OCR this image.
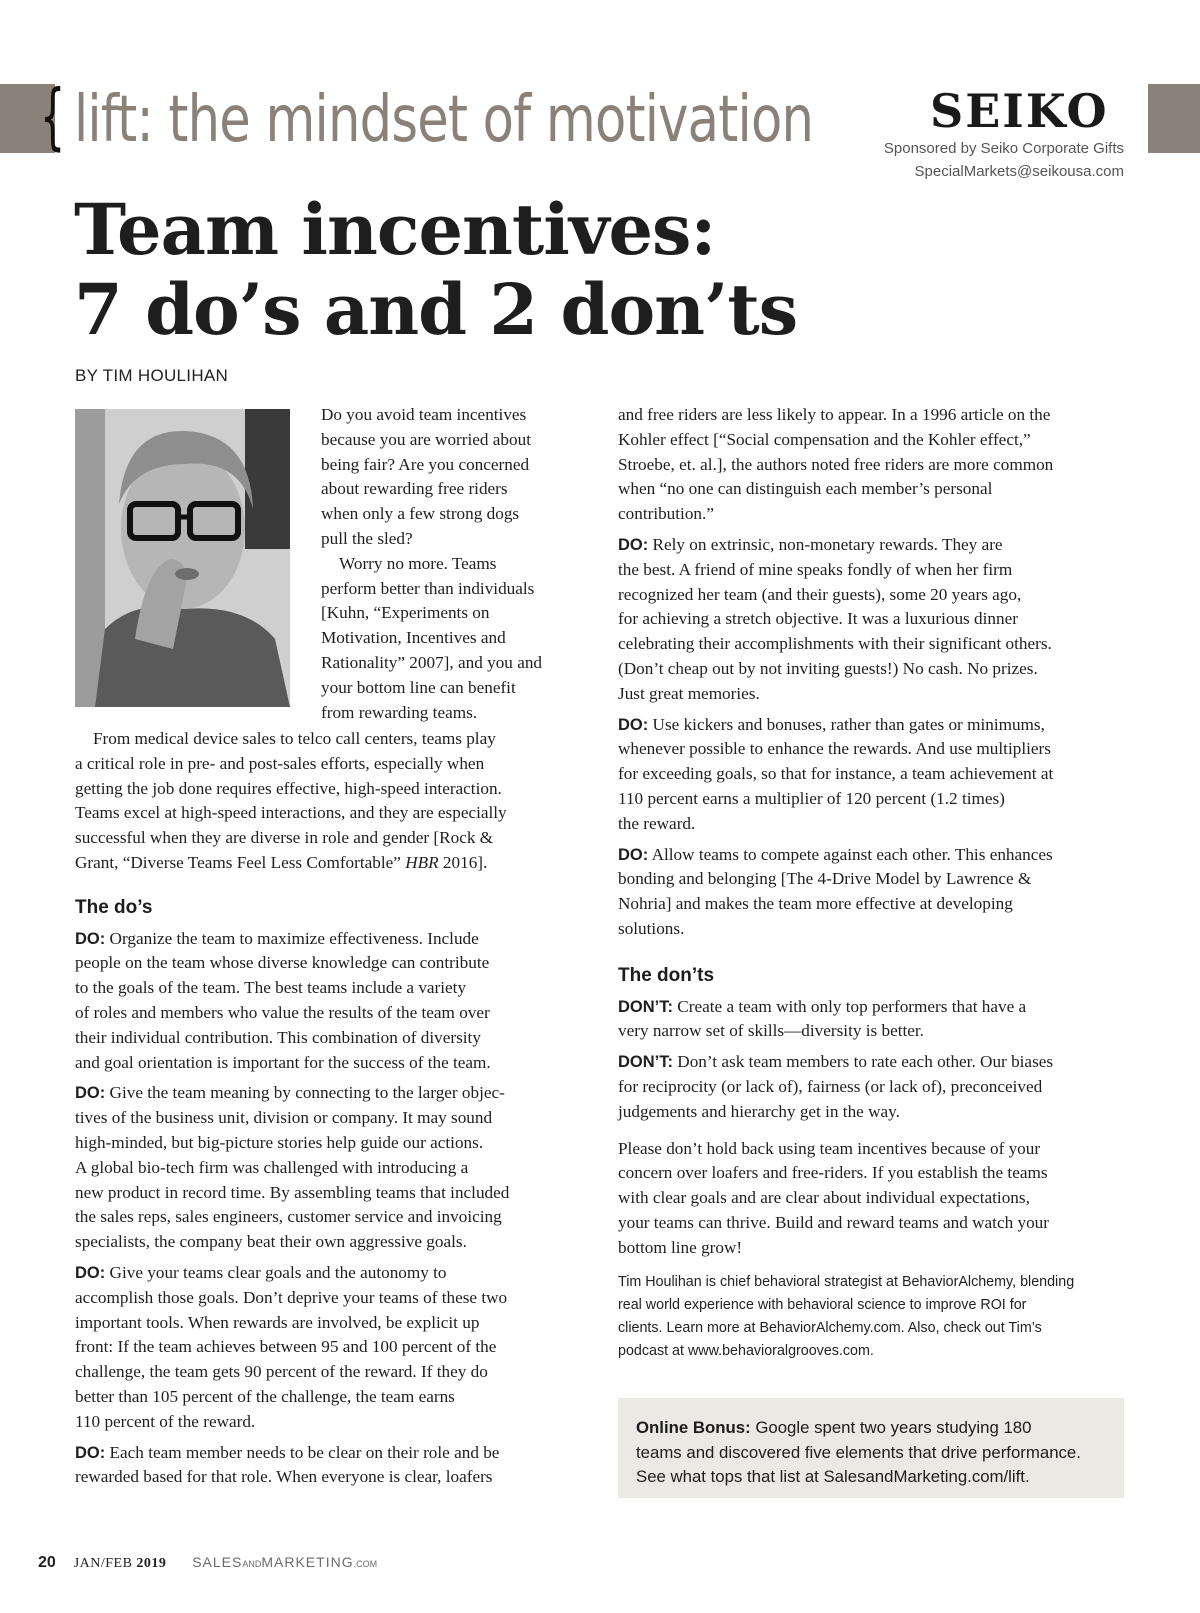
{ lift: the mindset of motivation	SEIKO
Sponsored by Seiko Corporate Gifts
SpecialMarkets@seikousa.com
Team incentives:
7 do’s and 2 don’ts
BY TIM HOULIHAN

Do you avoid team incentives
because you are worried about
being fair? Are you concerned
about rewarding free riders
when only a few strong dogs
pull the sled?

Worry no more. Teams
perform better than individuals
[Kuhn, “Experiments on
Motivation, Incentives and
Rationality” 2007], and you and
your bottom line can benefit
from rewarding teams.

From medical device sales to telco call centers, teams play
a critical role in pre- and post-sales efforts, especially when
getting the job done requires effective, high-speed interaction.
Teams excel at high-speed interactions, and they are especially
successful when they are diverse in role and gender [Rock &
Grant, “Diverse Teams Feel Less Comfortable” HBR 2016].

The do’s

DO: Organize the team to maximize effectiveness. Include
people on the team whose diverse knowledge can contribute
to the goals of the team. The best teams include a variety
of roles and members who value the results of the team over
their individual contribution. This combination of diversity
and goal orientation is important for the success of the team.

DO: Give the team meaning by connecting to the larger objec-
tives of the business unit, division or company. It may sound
high-minded, but big-picture stories help guide our actions.
A global bio-tech firm was challenged with introducing a
new product in record time. By assembling teams that included
the sales reps, sales engineers, customer service and invoicing
specialists, the company beat their own aggressive goals.

DO: Give your teams clear goals and the autonomy to
accomplish those goals. Don’t deprive your teams of these two
important tools. When rewards are involved, be explicit up
front: If the team achieves between 95 and 100 percent of the
challenge, the team gets 90 percent of the reward. If they do
better than 105 percent of the challenge, the team earns
110 percent of the reward.

DO: Each team member needs to be clear on their role and be
rewarded based for that role. When everyone is clear, loafers

and free riders are less likely to appear. In a 1996 article on the
Kohler effect [“Social compensation and the Kohler effect,”
Stroebe, et. al.], the authors noted free riders are more common
when “no one can distinguish each member’s personal
contribution.”

DO: Rely on extrinsic, non-monetary rewards. They are
the best. A friend of mine speaks fondly of when her firm
recognized her team (and their guests), some 20 years ago,
for achieving a stretch objective. It was a luxurious dinner
celebrating their accomplishments with their significant others.
(Don’t cheap out by not inviting guests!) No cash. No prizes.
Just great memories.

DO: Use kickers and bonuses, rather than gates or minimums,
whenever possible to enhance the rewards. And use multipliers
for exceeding goals, so that for instance, a team achievement at
110 percent earns a multiplier of 120 percent (1.2 times)
the reward.

DO: Allow teams to compete against each other. This enhances
bonding and belonging [The 4-Drive Model by Lawrence &
Nohria] and makes the team more effective at developing
solutions.

The don’ts

DON’T: Create a team with only top performers that have a
very narrow set of skills—diversity is better.

DON’T: Don’t ask team members to rate each other. Our biases
for reciprocity (or lack of), fairness (or lack of), preconceived
judgements and hierarchy get in the way.

Please don’t hold back using team incentives because of your
concern over loafers and free-riders. If you establish the teams
with clear goals and are clear about individual expectations,
your teams can thrive. Build and reward teams and watch your
bottom line grow!

Tim Houlihan is chief behavioral strategist at BehaviorAlchemy, blending
real world experience with behavioral science to improve ROI for
clients. Learn more at BehaviorAlchemy.com. Also, check out Tim’s
podcast at www.behavioralgrooves.com.

Online Bonus: Google spent two years studying 180
teams and discovered five elements that drive performance.
See what tops that list at SalesandMarketing.com/lift.
20 JAN/FEB 2019 SALESANDMARKETING.COM
